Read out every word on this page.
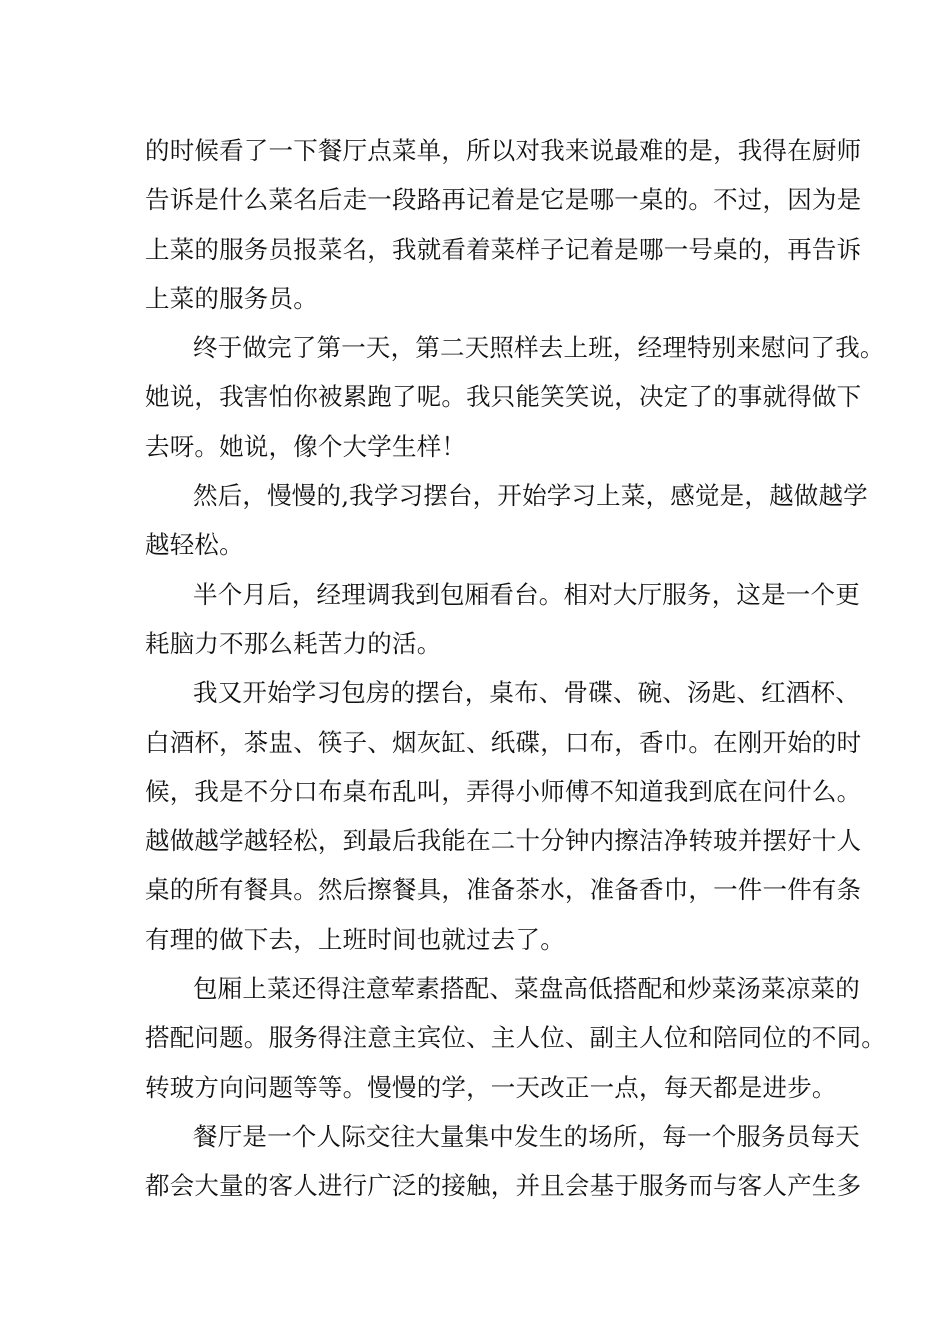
的时候看了一下餐厅点菜单，所以对我来说最难的是，我得在厨师
告诉是什么菜名后走一段路再记着是它是哪一桌的。不过，因为是
上菜的服务员报菜名，我就看着菜样子记着是哪一号桌的，再告诉
上菜的服务员。
终于做完了第一天，第二天照样去上班，经理特别来慰问了我。
她说，我害怕你被累跑了呢。我只能笑笑说，决定了的事就得做下
去呀。她说，像个大学生样！
然后，慢慢的,我学习摆台，开始学习上菜，感觉是，越做越学
越轻松。
半个月后，经理调我到包厢看台。相对大厅服务，这是一个更
耗脑力不那么耗苦力的活。
我又开始学习包房的摆台，桌布、骨碟、碗、汤匙、红酒杯、
白酒杯，茶盅、筷子、烟灰缸、纸碟，口布，香巾。在刚开始的时
候，我是不分口布桌布乱叫，弄得小师傅不知道我到底在问什么。
越做越学越轻松，到最后我能在二十分钟内擦洁净转玻并摆好十人
桌的所有餐具。然后擦餐具，准备茶水，准备香巾，一件一件有条
有理的做下去，上班时间也就过去了。
包厢上菜还得注意荤素搭配、菜盘高低搭配和炒菜汤菜凉菜的
搭配问题。服务得注意主宾位、主人位、副主人位和陪同位的不同。
转玻方向问题等等。慢慢的学，一天改正一点，每天都是进步。
餐厅是一个人际交往大量集中发生的场所，每一个服务员每天
都会大量的客人进行广泛的接触，并且会基于服务而与客人产生多
